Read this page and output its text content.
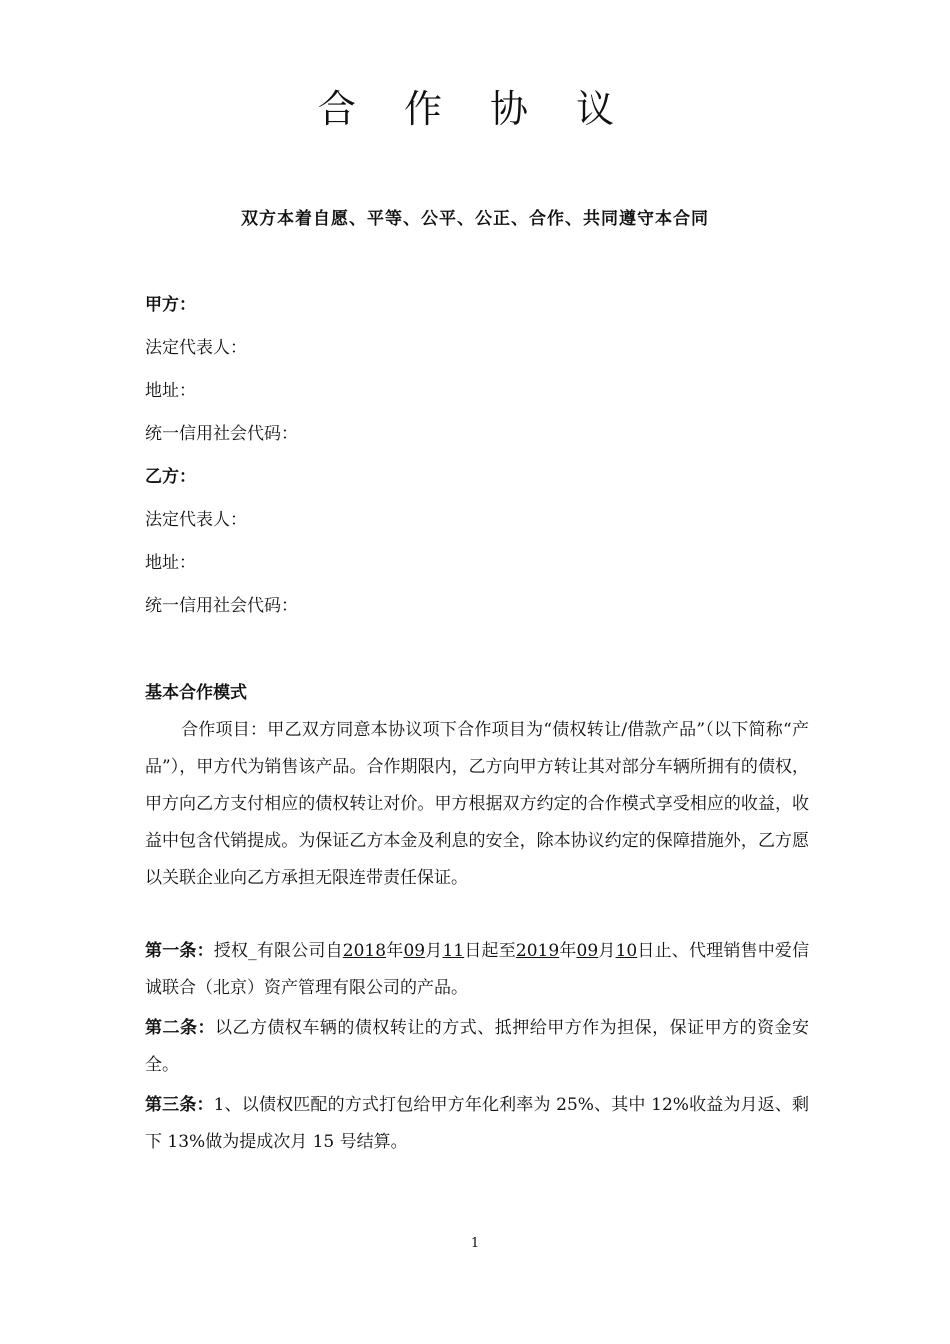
合 作 协 议
双方本着自愿、平等、公平、公正、合作、共同遵守本合同
甲方：
法定代表人：
地址：
统一信用社会代码：
乙方：
法定代表人：
地址：
统一信用社会代码：
基本合作模式

合作项目：甲乙双方同意本协议项下合作项目为“债权转让/借款产品”（以下简称“产品”），甲方代为销售该产品。合作期限内，乙方向甲方转让其对部分车辆所拥有的债权，甲方向乙方支付相应的债权转让对价。甲方根据双方约定的合作模式享受相应的收益，收益中包含代销提成。为保证乙方本金及利息的安全，除本协议约定的保障措施外，乙方愿以关联企业向乙方承担无限连带责任保证。

第一条：授权_有限公司自2018年09月11日起至2019年09月10日止、代理销售中爱信诚联合（北京）资产管理有限公司的产品。

第二条：以乙方债权车辆的债权转让的方式、抵押给甲方作为担保，保证甲方的资金安全。

第三条：1、以债权匹配的方式打包给甲方年化利率为 25%、其中 12%收益为月返、剩下 13%做为提成次月 15 号结算。

1
